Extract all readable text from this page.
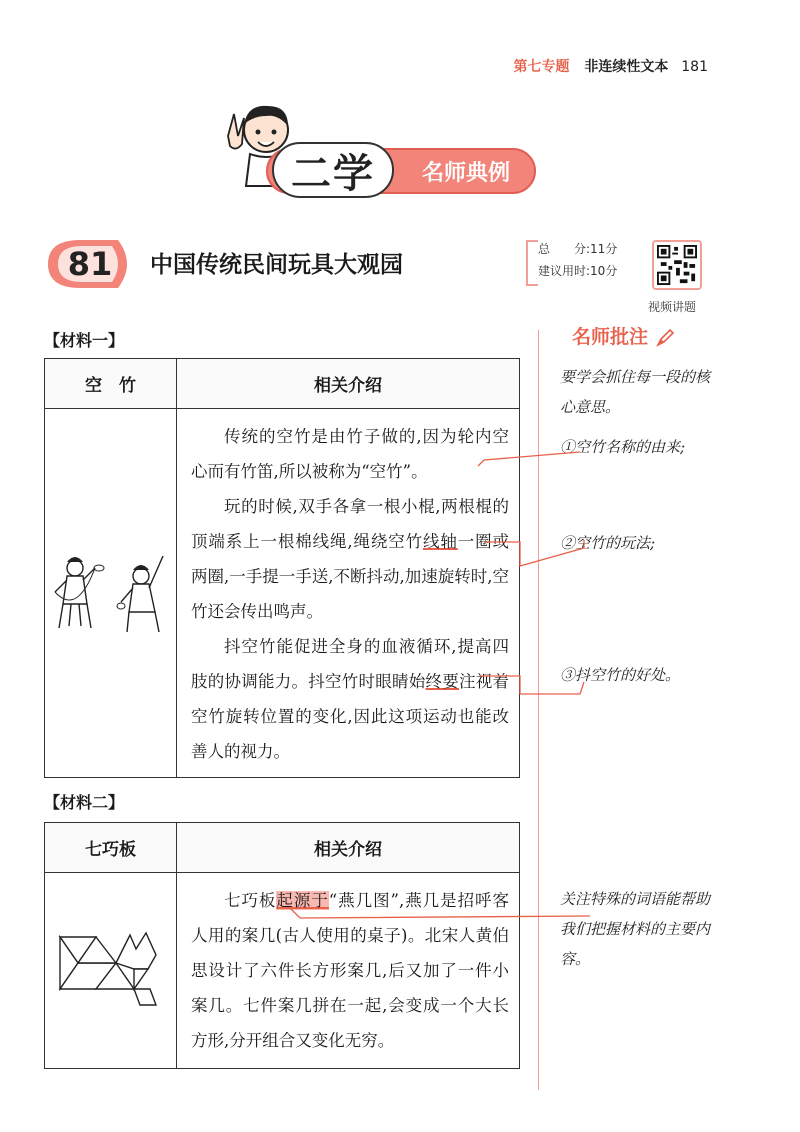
第七专题 非连续性文本 181
二学	名师典例
81 中国传统民间玩具大观园
总　　分:11分
建议用时:10分
视频讲题
名师批注
要学会抓住每一段的核心意思。
①空竹名称的由来;
②空竹的玩法;
③抖空竹的好处。
关注特殊的词语能帮助我们把握材料的主要内容。
【材料一】
空　竹	相关介绍

传统的空竹是由竹子做的,因为轮内空心而有竹笛,所以被称为“空竹”。

玩的时候,双手各拿一根小棍,两根棍的顶端系上一根棉线绳,绳绕空竹线轴一圈或两圈,一手提一手送,不断抖动,加速旋转时,空竹还会传出鸣声。

抖空竹能促进全身的血液循环,提高四肢的协调能力。抖空竹时眼睛始终要注视着空竹旋转位置的变化,因此这项运动也能改善人的视力。

【材料二】
七巧板	相关介绍

七巧板起源于“燕几图”,燕几是招呼客人用的案几(古人使用的桌子)。北宋人黄伯思设计了六件长方形案几,后又加了一件小案几。七件案几拼在一起,会变成一个大长方形,分开组合又变化无穷。
